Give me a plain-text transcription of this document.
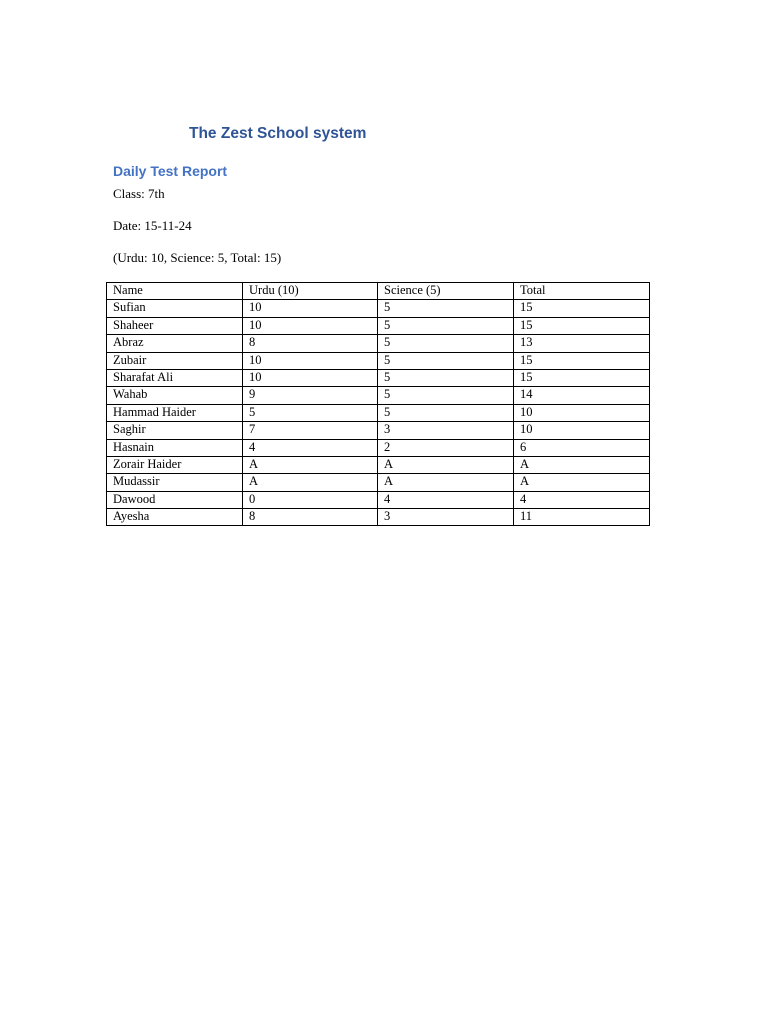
The Zest School system
Daily Test Report
Class: 7th
Date: 15-11-24
(Urdu: 10, Science: 5, Total: 15)
Name	Urdu (10)	Science (5)	Total
Sufian	10	5	15
Shaheer	10	5	15
Abraz	8	5	13
Zubair	10	5	15
Sharafat Ali	10	5	15
Wahab	9	5	14
Hammad Haider	5	5	10
Saghir	7	3	10
Hasnain	4	2	6
Zorair Haider	A	A	A
Mudassir	A	A	A
Dawood	0	4	4
Ayesha	8	3	11
